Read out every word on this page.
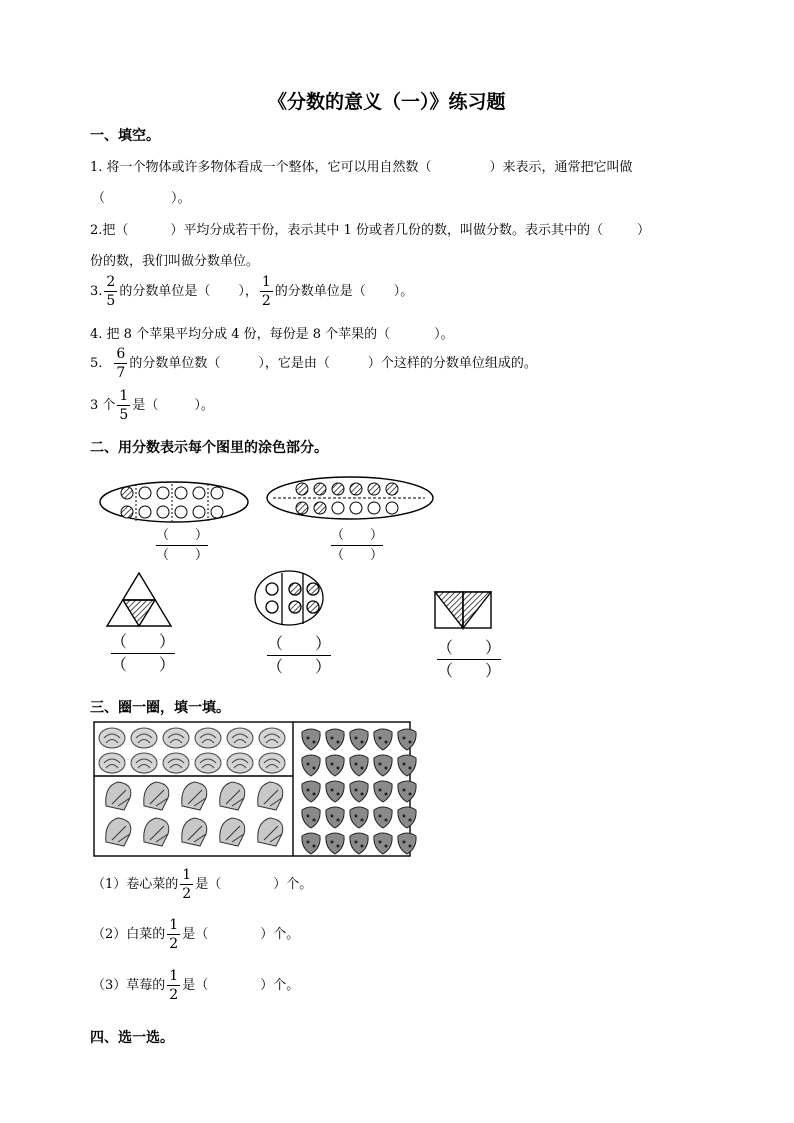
《分数的意义（一）》练习题
一、填空。
1. 将一个物体或许多物体看成一个整体，它可以用自然数（	）来表示，通常把它叫做
（	）。
2.把（	）平均分成若干份，表示其中 1 份或者几份的数，叫做分数。表示其中的（	）
份的数，我们叫做分数单位。
3. $\frac{2}{5}$ 的分数单位是（ ）， $\frac{1}{2}$ 的分数单位是（ ）。
4. 把 8 个苹果平均分成 4 份，每份是 8 个苹果的（	）。
5. $\frac{6}{7}$ 的分数单位数（	），它是由（	）个这样的分数单位组成的。
3 个 $\frac{1}{5}$ 是（	）。
二、用分数表示每个图里的涂色部分。
（　　）
（　　）
（　　）
（　　）
（　　）
（　　）
（　　）
（　　）
（　　）
（　　）
三、圈一圈，填一填。
（1）卷心菜的 $\frac{1}{2}$ 是（	）个。
（2）白菜的 $\frac{1}{2}$ 是（	）个。
（3）草莓的 $\frac{1}{2}$ 是（	）个。
四、选一选。
